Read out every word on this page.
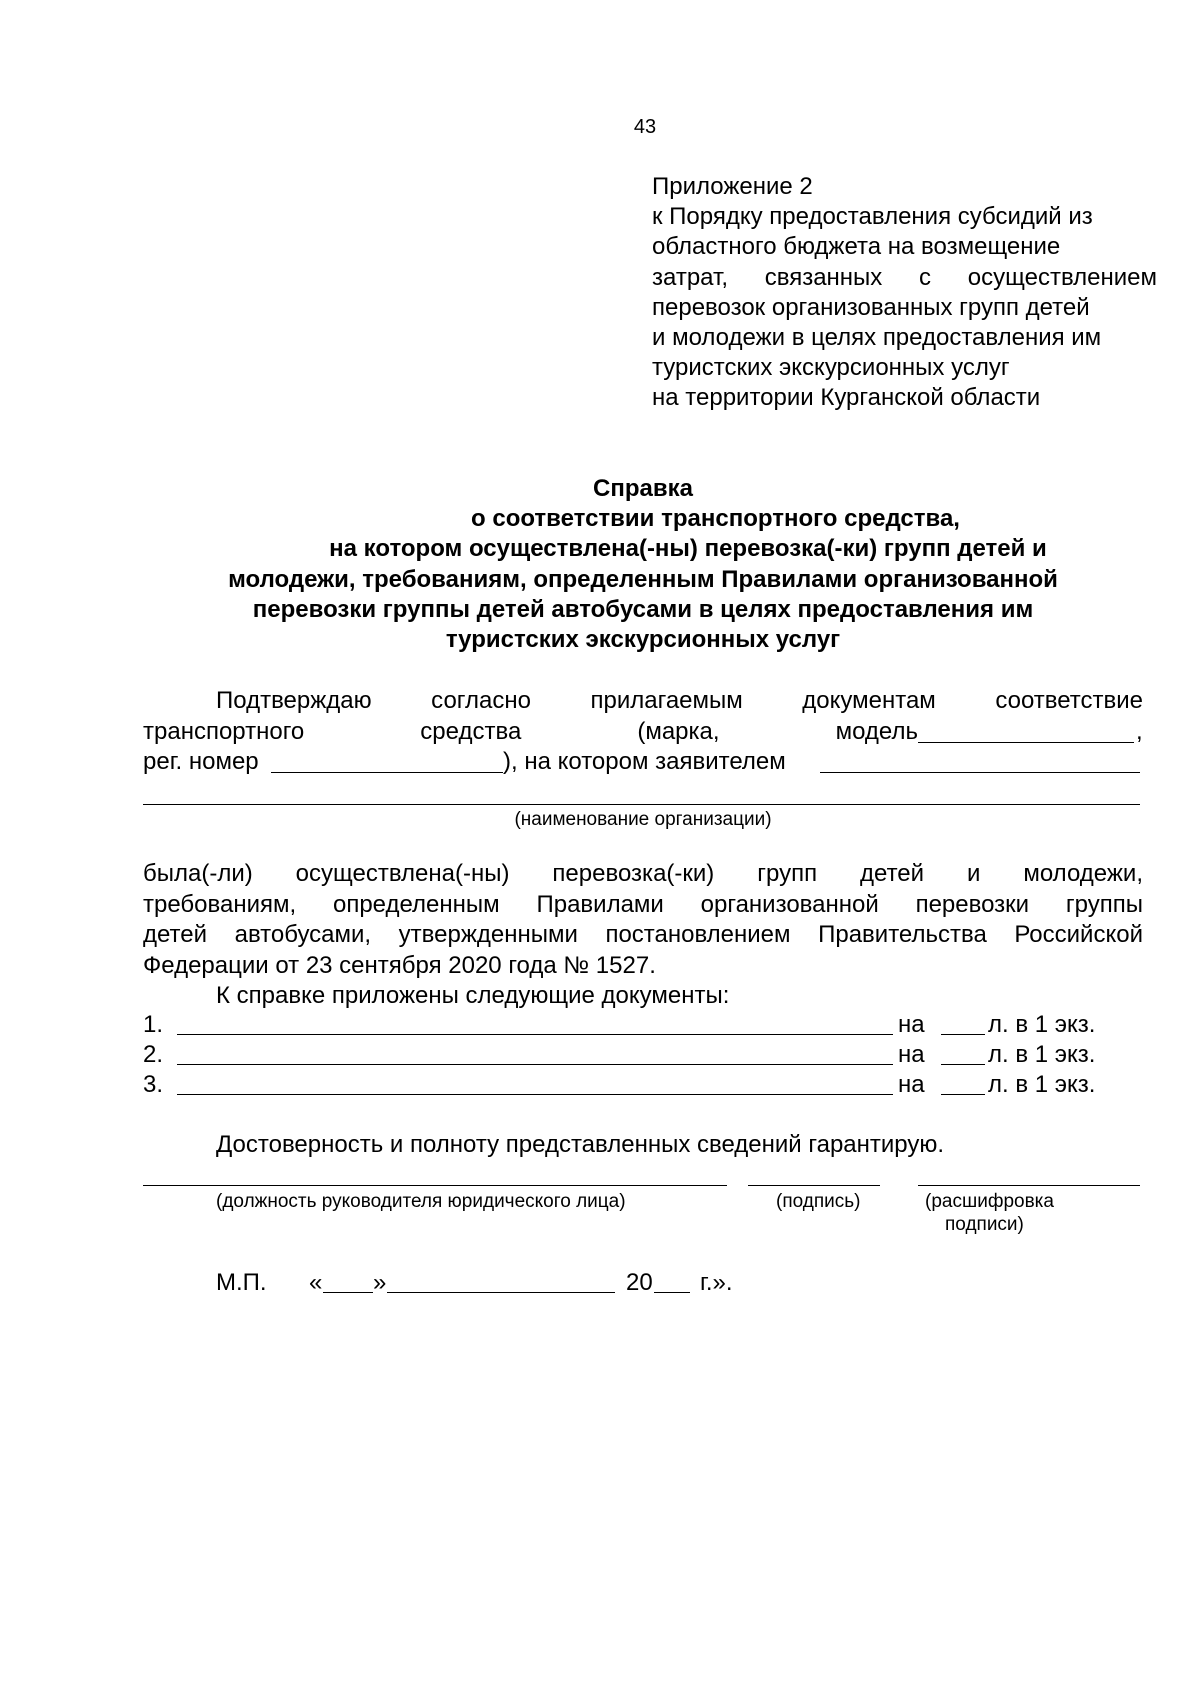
43
Приложение 2
к Порядку предоставления субсидий из
областного бюджета на возмещение
затрат, связанных с осуществлением
перевозок организованных групп детей
и молодежи в целях предоставления им
туристских экскурсионных услуг
на территории Курганской области
Справка
о соответствии транспортного средства,
на котором осуществлена(-ны) перевозка(-ки) групп детей и
молодежи, требованиям, определенным Правилами организованной
перевозки группы детей автобусами в целях предоставления им
туристских экскурсионных услуг
Подтверждаю согласно прилагаемым документам соответствие
транспортного средства (марка, модель	,
рег. номер	), на котором заявителем
(наименование организации)
была(-ли) осуществлена(-ны) перевозка(-ки) групп детей и молодежи,
требованиям, определенным Правилами организованной перевозки группы
детей автобусами, утвержденными постановлением Правительства Российской
Федерации от 23 сентября 2020 года № 1527.
К справке приложены следующие документы:
1.	на	л. в 1 экз.
2.	на	л. в 1 экз.
3.	на	л. в 1 экз.
Достоверность и полноту представленных сведений гарантирую.
(должность руководителя юридического лица)	(подпись)	(расшифровка
подписи)
М.П. « »	20 г.».
